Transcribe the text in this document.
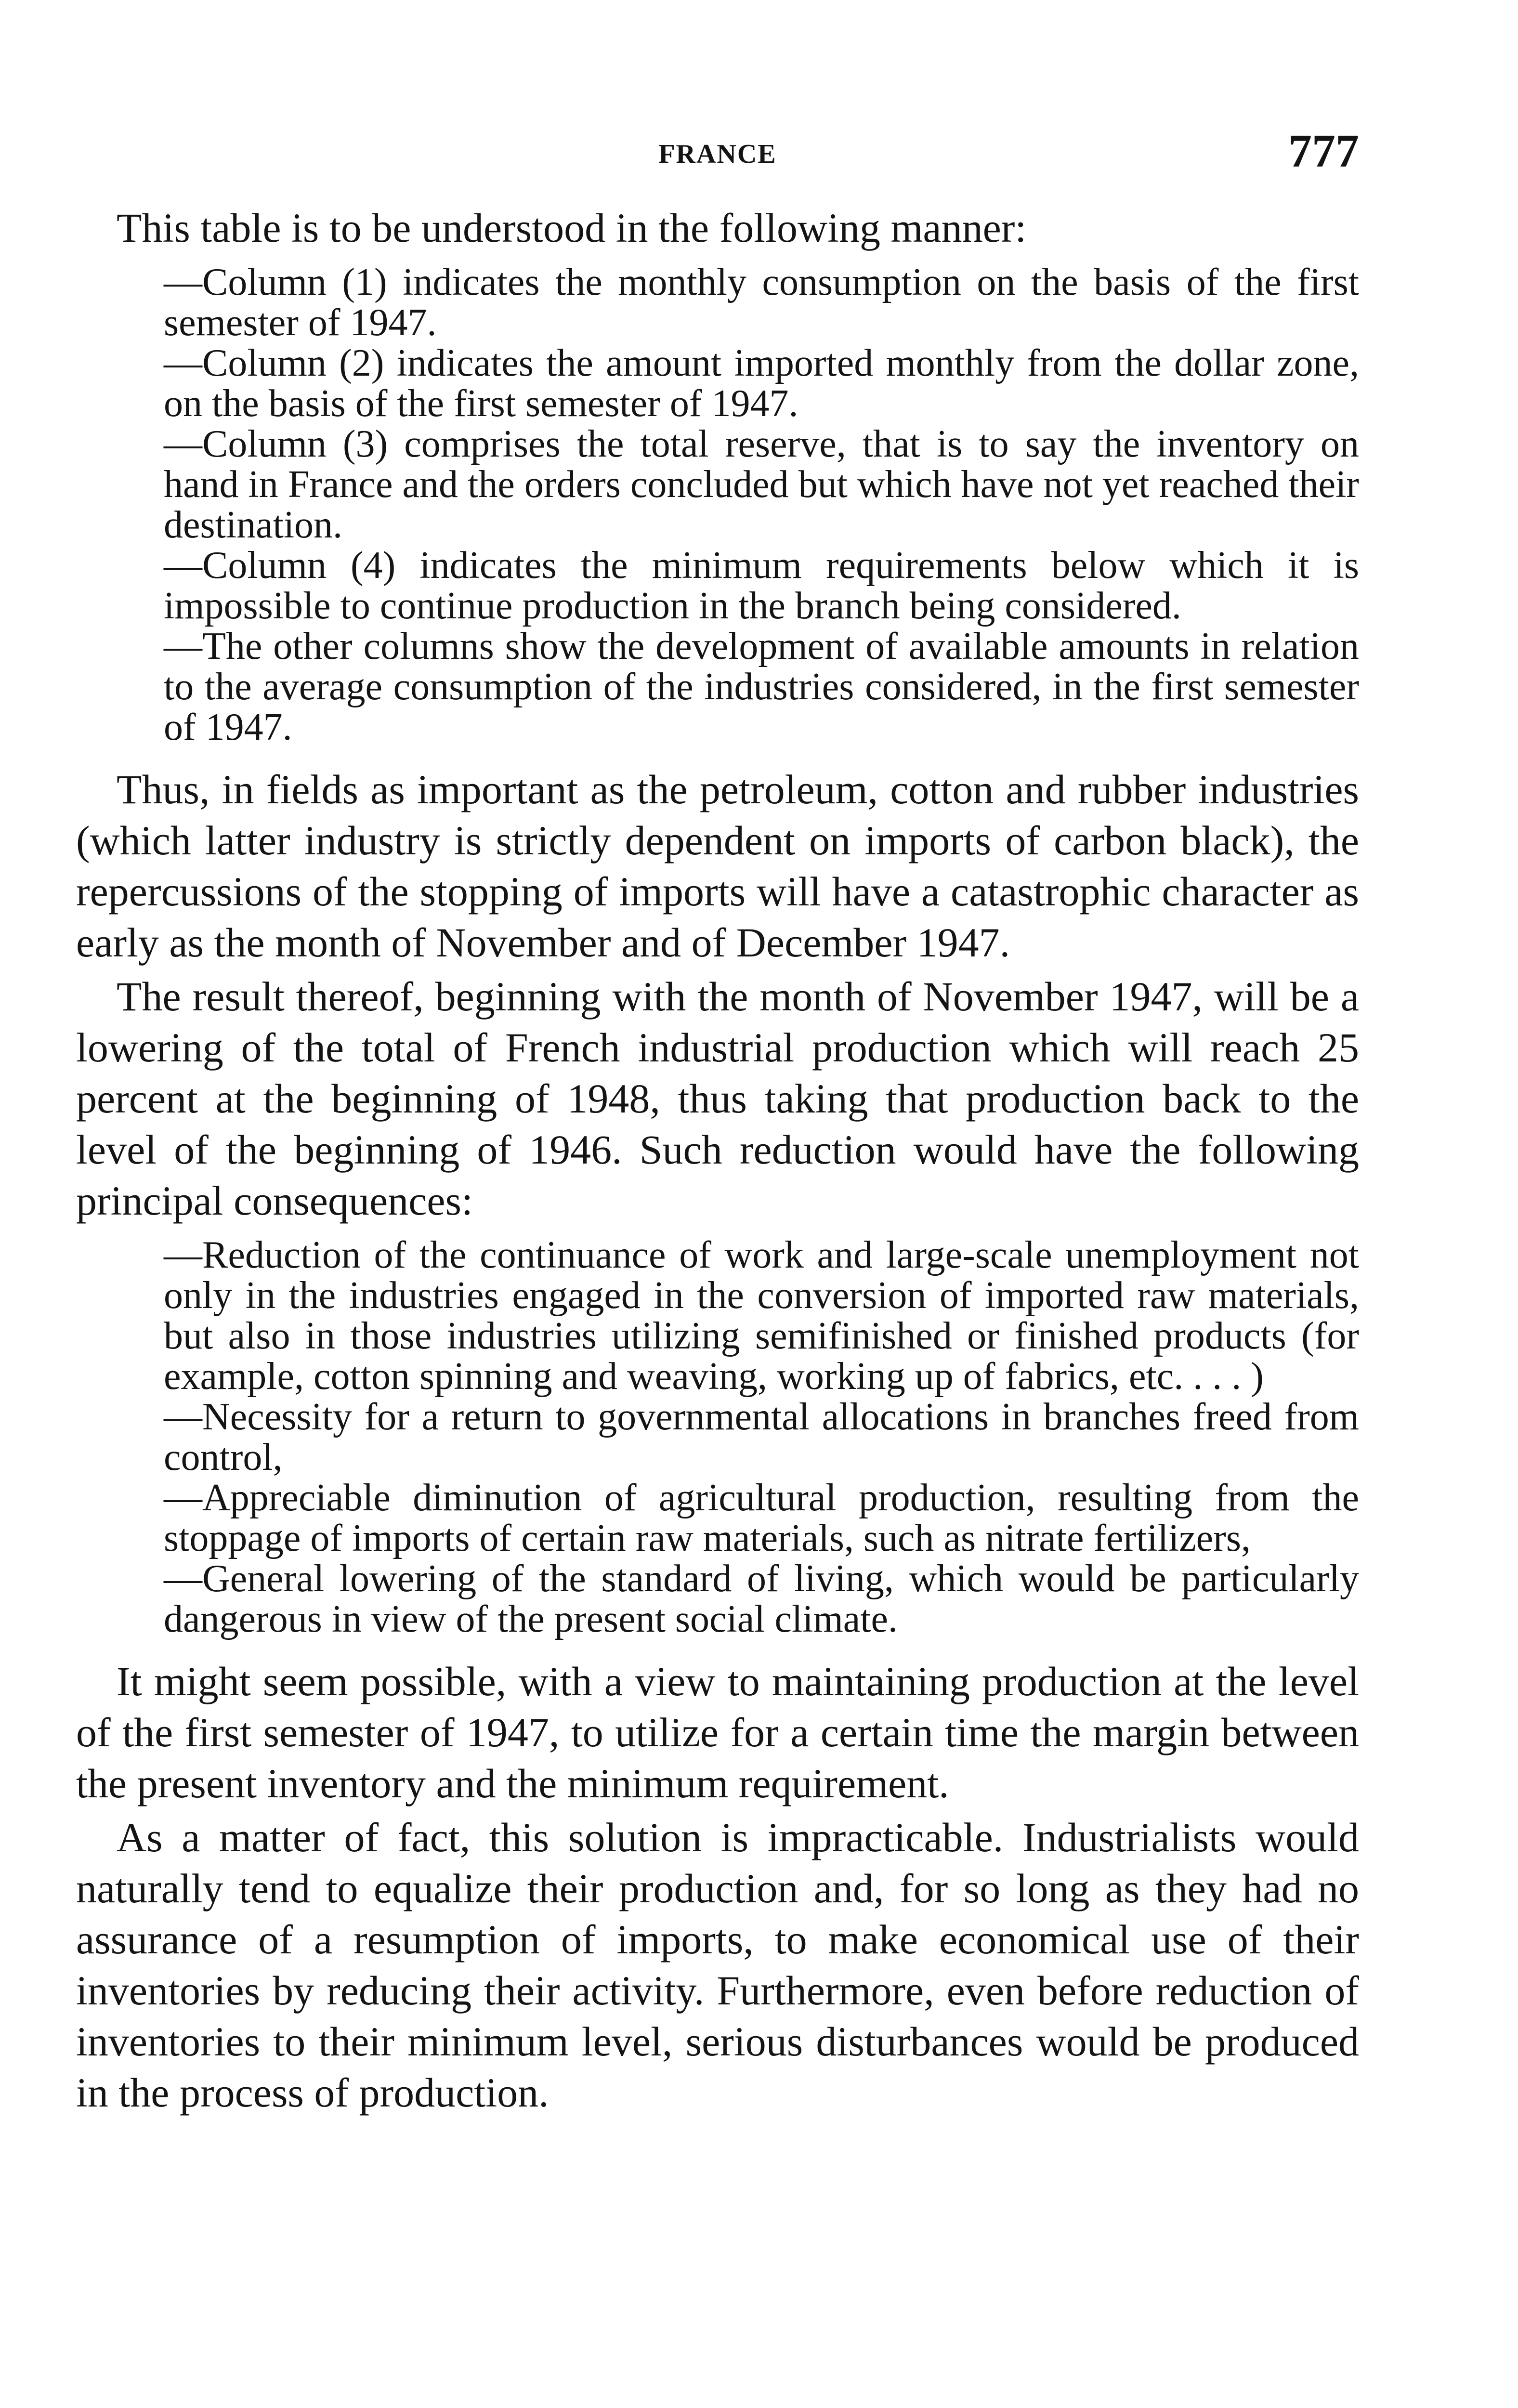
FRANCE	777

This table is to be understood in the following manner:

—Column (1) indicates the monthly consumption on the basis of the first semester of 1947.

—Column (2) indicates the amount imported monthly from the dollar zone, on the basis of the first semester of 1947.

—Column (3) comprises the total reserve, that is to say the inventory on hand in France and the orders concluded but which have not yet reached their destination.

—Column (4) indicates the minimum requirements below which it is impossible to continue production in the branch being considered.

—The other columns show the development of available amounts in relation to the average consumption of the industries considered, in the first semester of 1947.

Thus, in fields as important as the petroleum, cotton and rubber industries (which latter industry is strictly dependent on imports of carbon black), the repercussions of the stopping of imports will have a catastrophic character as early as the month of November and of December 1947.

The result thereof, beginning with the month of November 1947, will be a lowering of the total of French industrial production which will reach 25 percent at the beginning of 1948, thus taking that production back to the level of the beginning of 1946. Such reduction would have the following principal consequences:

—Reduction of the continuance of work and large-scale unemployment not only in the industries engaged in the conversion of imported raw materials, but also in those industries utilizing semifinished or finished products (for example, cotton spinning and weaving, working up of fabrics, etc. . . . )

—Necessity for a return to governmental allocations in branches freed from control,

—Appreciable diminution of agricultural production, resulting from the stoppage of imports of certain raw materials, such as nitrate fertilizers,

—General lowering of the standard of living, which would be particularly dangerous in view of the present social climate.

It might seem possible, with a view to maintaining production at the level of the first semester of 1947, to utilize for a certain time the margin between the present inventory and the minimum requirement.

As a matter of fact, this solution is impracticable. Industrialists would naturally tend to equalize their production and, for so long as they had no assurance of a resumption of imports, to make economical use of their inventories by reducing their activity. Furthermore, even before reduction of inventories to their minimum level, serious disturbances would be produced in the process of production.
